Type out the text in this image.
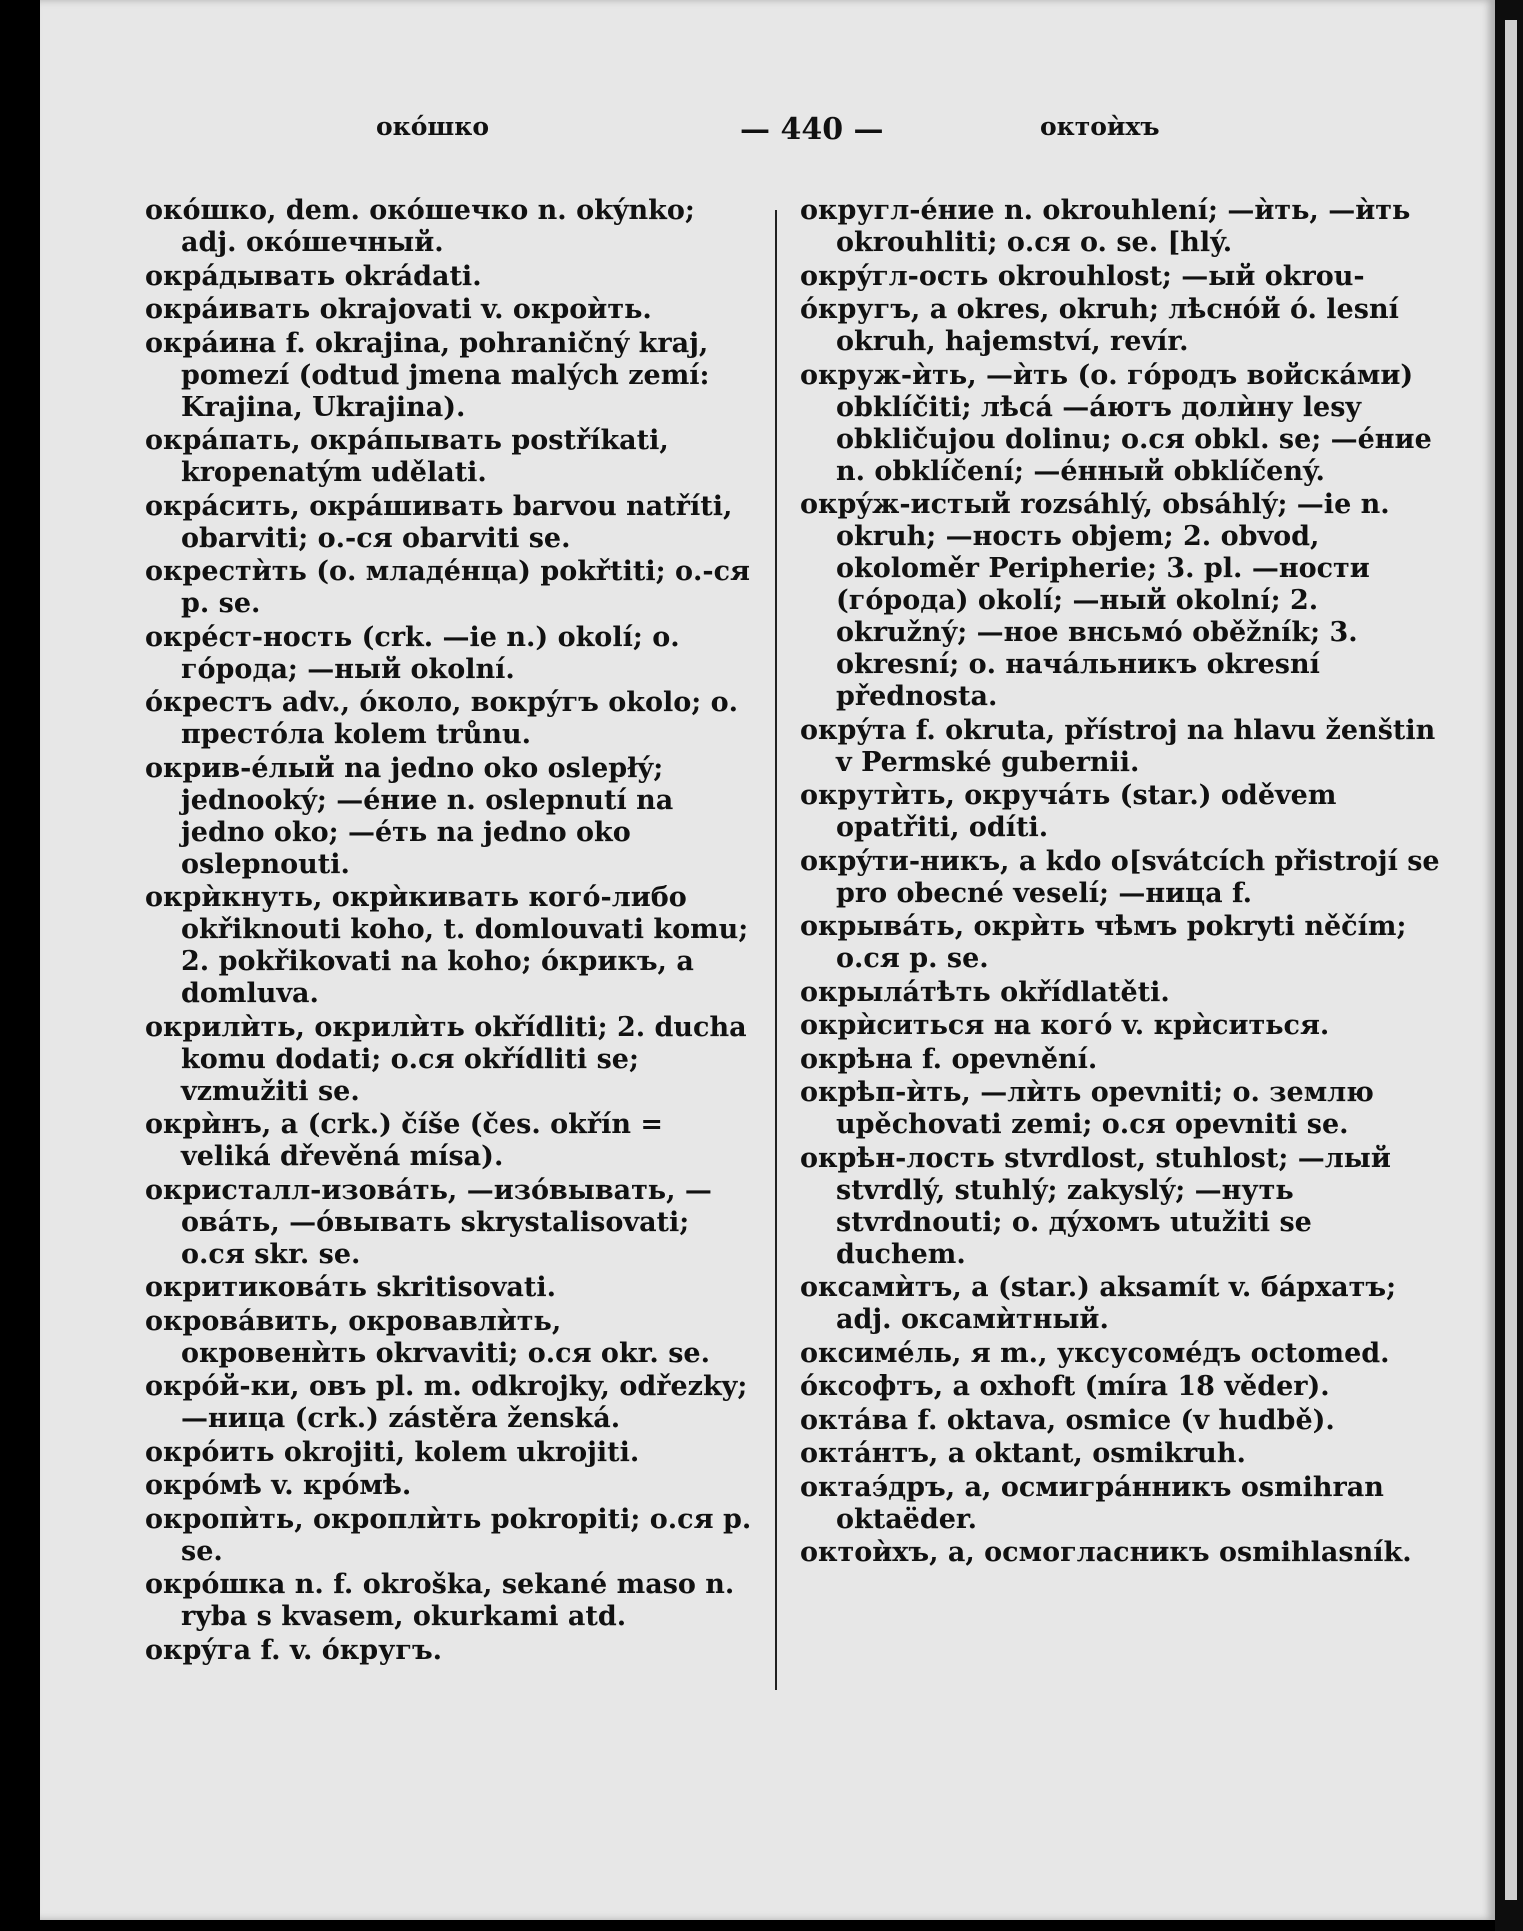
окóшко	— 440 —	октоѝхъ

окóшко, dem. окóшечко n. okýnko; adj. окóшечный.

окрáдывать okrádati.

окрáивать okrajovati v. окроѝть.

окрáина f. okrajina, pohraničný kraj, pomezí (odtud jmena malých zemí: Krajina, Ukrajina).

окрáпать, окрáпывать postříkati, kropenatým udělati.

окрáсить, окрáшивать barvou natříti, obarviti; о.-ся obarviti se.

окрестѝть (о. младéнца) pokřtiti; о.-ся p. se.

окрéст-ность (crk. —ie n.) okolí; о. гóрода; —ный okolní.

óкрестъ adv., óколо, вокрýгъ okolo; о. престóла kolem trůnu.

окрив-éлый na jedno oko oslepłý; jednooký; —éние n. oslepnutí na jedno oko; —éть na jedno oko oslepnouti.

окрѝкнуть, окрѝкивать когó-либо okřiknouti koho, t. domlouvati komu; 2. pokřikovati na koho; óкрикъ, a domluva.

окрилѝть, окрилѝть okřídliti; 2. ducha komu dodati; о.ся okřídliti se; vzmužiti se.

окрѝнъ, a (crk.) číše (čes. okřín = veliká dřevěná mísa).

окристалл-изовáть, —изóвывать, —овáть, —óвывать skrystalisovati; о.ся skr. se.

окритиковáть skritisovati.

окровáвить, окровавлѝть, окровенѝть okrvaviti; о.ся okr. se.

окрóй-ки, овъ pl. m. odkrojky, odřezky; —ница (crk.) zástěra ženská.

окрóить okrojiti, kolem ukrojiti.

окрóмѣ v. крóмѣ.

окропѝть, окроплѝть pokropiti; о.ся p. se.

окрóшка n. f. okroška, sekané maso n. ryba s kvasem, okurkami atd.

окрýга f. v. óкругъ.

округл-éние n. okrouhlení; —ѝть, —ѝть okrouhliti; о.ся o. se. [hlý.

окрýгл-ость okrouhlost; —ый okrou-

óкругъ, a okres, okruh; лѣснóй ó. lesní okruh, hajemství, revír.

окруж-ѝть, —ѝть (о. гóродъ войскáми) obklíčiti; лѣсá —áютъ долѝну lesy obkličujou dolinu; о.ся obkl. se; —éние n. obklíčení; —éнный obklíčený.

окрýж-истый rozsáhlý, obsáhlý; —ie n. okruh; —ность objem; 2. obvod, okoloměr Peripherie; 3. pl. —ности (гóрода) okolí; —ный okolní; 2. okružný; —ное внсьмó oběžník; 3. okresní; о. начáльникъ okresní přednosta.

окрýта f. okruta, přístroj na hlavu ženštin v Permské gubernii.

окрутѝть, окручáть (star.) oděvem opatřiti, odíti.

окрýти-никъ, a kdo o[svátcích přistrojí se pro obecné veselí; —ница f.

окрывáть, окрѝть чѣмъ pokryti něčím; о.ся p. se.

окрылáтѣть okřídlatěti.

окрѝситься на когó v. крѝситься.

окрѣна f. opevnění.

окрѣп-ѝть, —лѝть opevniti; о. землю upěchovati zemi; о.ся opevniti se.

окрѣн-лость stvrdlost, stuhlost; —лый stvrdlý, stuhlý; zakyslý; —нуть stvrdnouti; о. дýхомъ utužiti se duchem.

оксамѝтъ, a (star.) aksamít v. бáрхатъ; adj. оксамѝтный.

оксимéль, я m., уксусомéдъ octomed.

óксофтъ, a oxhoft (míra 18 věder).

октáва f. oktava, osmice (v hudbě).

октáнтъ, a oktant, osmikruh.

октаэ́дръ, a, осмигрáнникъ osmihran oktaëder.

октоѝхъ, a, осмогласникъ osmihlasník.
